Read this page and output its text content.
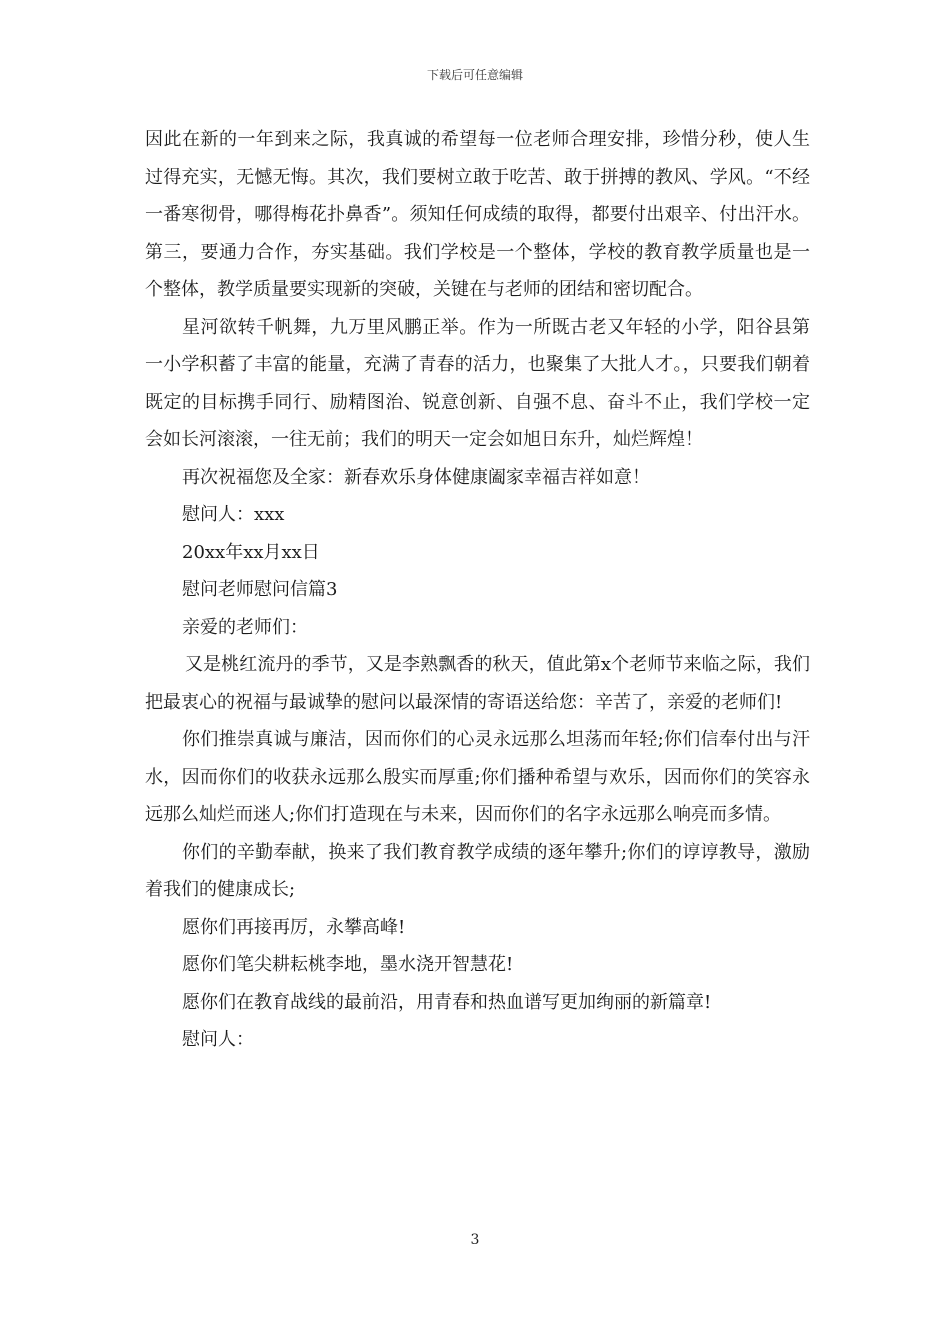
下载后可任意编辑

因此在新的一年到来之际，我真诚的希望每一位老师合理安排，珍惜分秒，使人生过得充实，无憾无悔。其次，我们要树立敢于吃苦、敢于拼搏的教风、学风。“不经一番寒彻骨，哪得梅花扑鼻香”。须知任何成绩的取得，都要付出艰辛、付出汗水。第三，要通力合作，夯实基础。我们学校是一个整体，学校的教育教学质量也是一个整体，教学质量要实现新的突破，关键在与老师的团结和密切配合。

星河欲转千帆舞，九万里风鹏正举。作为一所既古老又年轻的小学，阳谷县第一小学积蓄了丰富的能量，充满了青春的活力，也聚集了大批人才。，只要我们朝着既定的目标携手同行、励精图治、锐意创新、自强不息、奋斗不止，我们学校一定会如长河滚滚，一往无前；我们的明天一定会如旭日东升，灿烂辉煌！

再次祝福您及全家：新春欢乐身体健康阖家幸福吉祥如意！

慰问人：xxx

20xx年xx月xx日

慰问老师慰问信篇3

亲爱的老师们：

又是桃红流丹的季节，又是李熟飘香的秋天，值此第x个老师节来临之际，我们把最衷心的祝福与最诚挚的慰问以最深情的寄语送给您：辛苦了，亲爱的老师们!

你们推崇真诚与廉洁，因而你们的心灵永远那么坦荡而年轻;你们信奉付出与汗水，因而你们的收获永远那么殷实而厚重;你们播种希望与欢乐，因而你们的笑容永远那么灿烂而迷人;你们打造现在与未来，因而你们的名字永远那么响亮而多情。

你们的辛勤奉献，换来了我们教育教学成绩的逐年攀升;你们的谆谆教导，激励着我们的健康成长;

愿你们再接再厉，永攀高峰!

愿你们笔尖耕耘桃李地，墨水浇开智慧花!

愿你们在教育战线的最前沿，用青春和热血谱写更加绚丽的新篇章!

慰问人：

3
